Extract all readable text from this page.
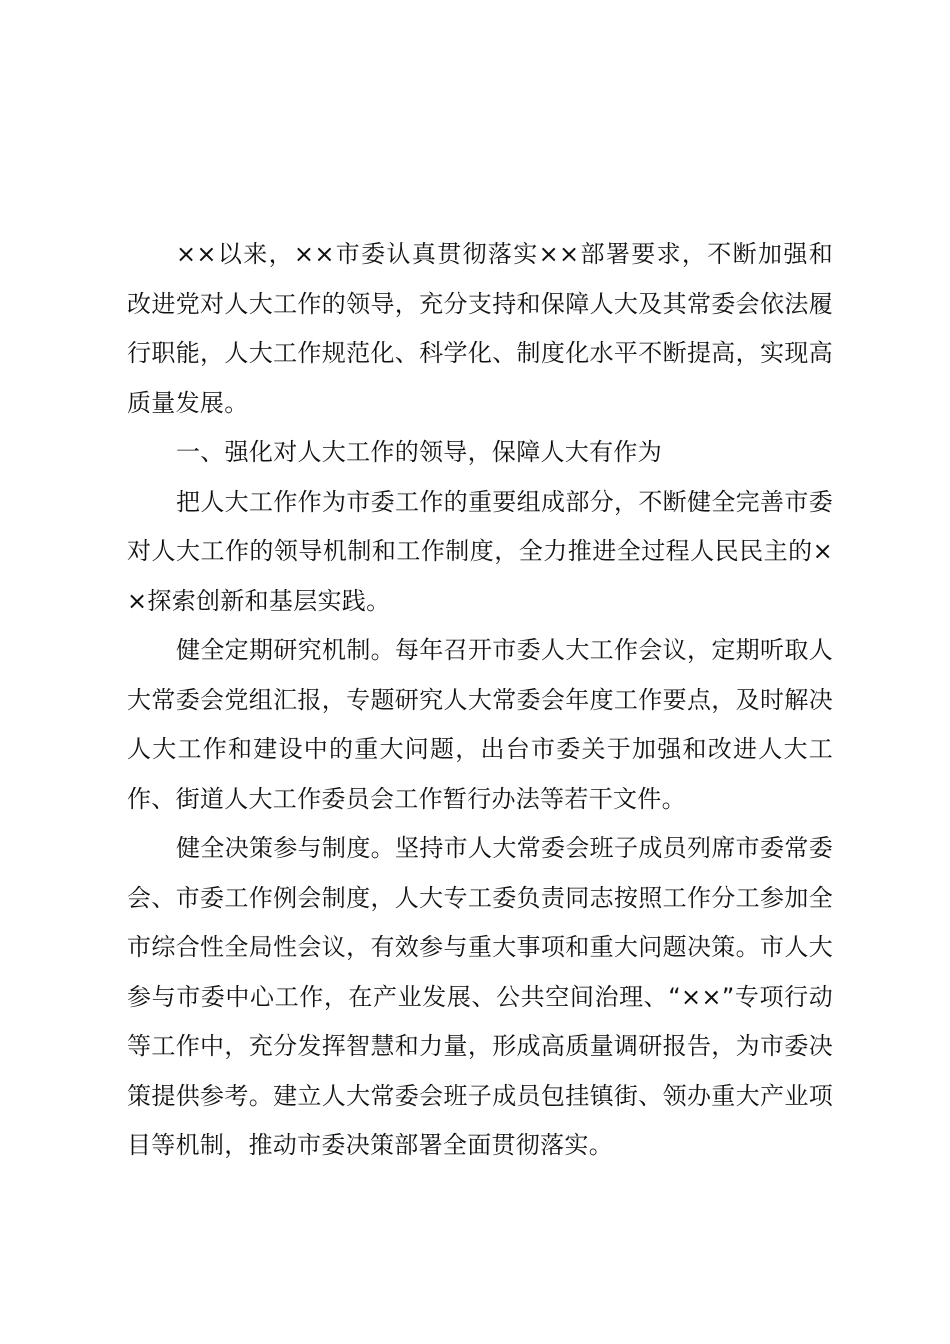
××以来，××市委认真贯彻落实××部署要求，不断加强和改进党对人大工作的领导，充分支持和保障人大及其常委会依法履行职能，人大工作规范化、科学化、制度化水平不断提高，实现高质量发展。

一、强化对人大工作的领导，保障人大有作为

把人大工作作为市委工作的重要组成部分，不断健全完善市委对人大工作的领导机制和工作制度，全力推进全过程人民民主的××探索创新和基层实践。

健全定期研究机制。每年召开市委人大工作会议，定期听取人大常委会党组汇报，专题研究人大常委会年度工作要点，及时解决人大工作和建设中的重大问题，出台市委关于加强和改进人大工作、街道人大工作委员会工作暂行办法等若干文件。

健全决策参与制度。坚持市人大常委会班子成员列席市委常委会、市委工作例会制度，人大专工委负责同志按照工作分工参加全市综合性全局性会议，有效参与重大事项和重大问题决策。市人大参与市委中心工作，在产业发展、公共空间治理、“××”专项行动等工作中，充分发挥智慧和力量，形成高质量调研报告，为市委决策提供参考。建立人大常委会班子成员包挂镇街、领办重大产业项目等机制，推动市委决策部署全面贯彻落实。
